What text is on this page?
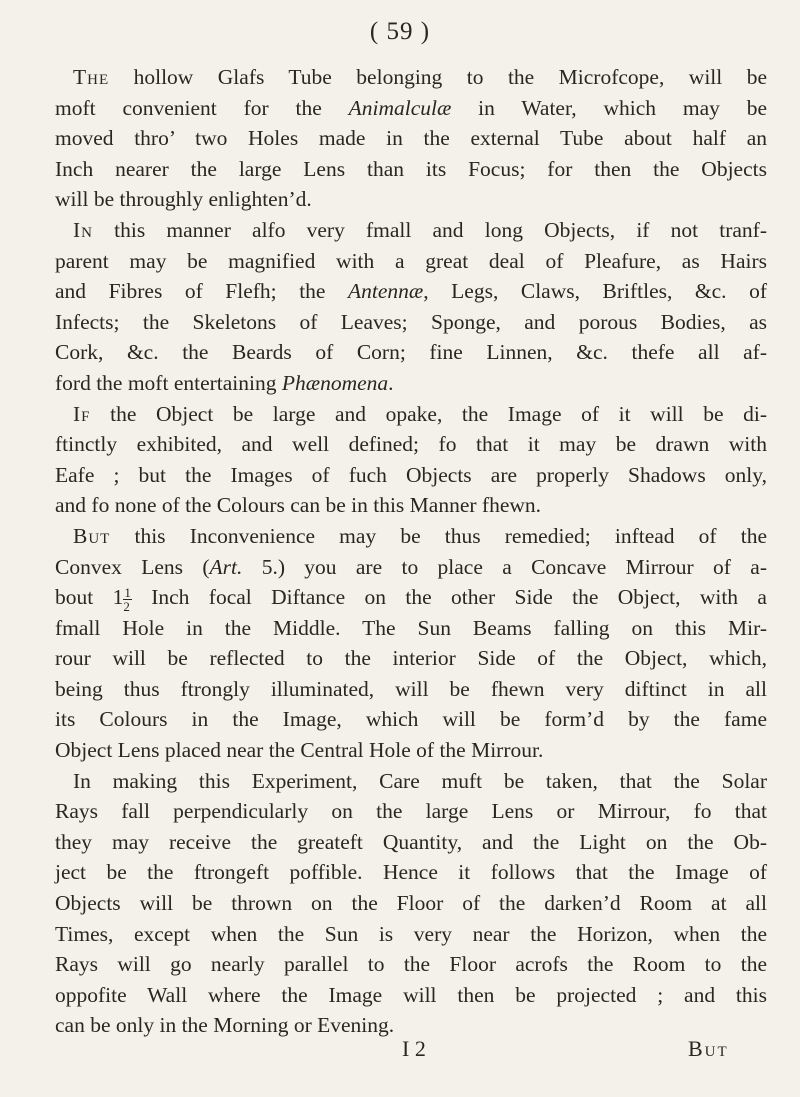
( 59 )
The hollow Glafs Tube belonging to the Microfcope, will be
moft convenient for the Animalculæ in Water, which may be
moved thro’ two Holes made in the external Tube about half an
Inch nearer the large Lens than its Focus; for then the Objects
will be throughly enlighten’d.
In this manner alfo very fmall and long Objects, if not tranf-
parent may be magnified with a great deal of Pleafure, as Hairs
and Fibres of Flefh; the Antennæ, Legs, Claws, Briftles, &c. of
Infects; the Skeletons of Leaves; Sponge, and porous Bodies, as
Cork, &c. the Beards of Corn; fine Linnen, &c. thefe all af-
ford the moft entertaining Phænomena.
If the Object be large and opake, the Image of it will be di-
ftinctly exhibited, and well defined; fo that it may be drawn with
Eafe ; but the Images of fuch Objects are properly Shadows only,
and fo none of the Colours can be in this Manner fhewn.
But this Inconvenience may be thus remedied; inftead of the
Convex Lens (Art. 5.) you are to place a Concave Mirrour of a-
bout $1 \frac{1}{2}$ Inch focal Diftance on the other Side the Object, with a
fmall Hole in the Middle. The Sun Beams falling on this Mir-
rour will be reflected to the interior Side of the Object, which,
being thus ftrongly illuminated, will be fhewn very diftinct in all
its Colours in the Image, which will be form’d by the fame
Object Lens placed near the Central Hole of the Mirrour.
In making this Experiment, Care muft be taken, that the Solar
Rays fall perpendicularly on the large Lens or Mirrour, fo that
they may receive the greateft Quantity, and the Light on the Ob-
ject be the ftrongeft poffible. Hence it follows that the Image of
Objects will be thrown on the Floor of the darken’d Room at all
Times, except when the Sun is very near the Horizon, when the
Rays will go nearly parallel to the Floor acrofs the Room to the
oppofite Wall where the Image will then be projected ; and this
can be only in the Morning or Evening.
I 2	But
